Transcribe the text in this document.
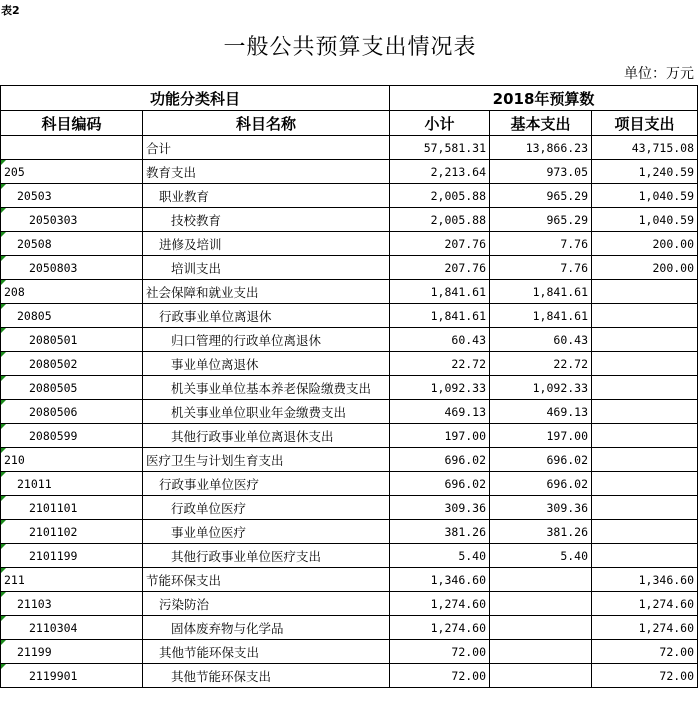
表2
一般公共预算支出情况表
单位：万元
功能分类科目		2018年预算数		
科目编码	科目名称	小计	基本支出	项目支出
	合计	57,581.31	13,866.23	43,715.08
205	教育支出	2,213.64	973.05	1,240.59
20503	职业教育	2,005.88	965.29	1,040.59
2050303	技校教育	2,005.88	965.29	1,040.59
20508	进修及培训	207.76	7.76	200.00
2050803	培训支出	207.76	7.76	200.00
208	社会保障和就业支出	1,841.61	1,841.61	
20805	行政事业单位离退休	1,841.61	1,841.61	
2080501	归口管理的行政单位离退休	60.43	60.43	
2080502	事业单位离退休	22.72	22.72	
2080505	机关事业单位基本养老保险缴费支出	1,092.33	1,092.33	
2080506	机关事业单位职业年金缴费支出	469.13	469.13	
2080599	其他行政事业单位离退休支出	197.00	197.00	
210	医疗卫生与计划生育支出	696.02	696.02	
21011	行政事业单位医疗	696.02	696.02	
2101101	行政单位医疗	309.36	309.36	
2101102	事业单位医疗	381.26	381.26	
2101199	其他行政事业单位医疗支出	5.40	5.40	
211	节能环保支出	1,346.60		1,346.60
21103	污染防治	1,274.60		1,274.60
2110304	固体废弃物与化学品	1,274.60		1,274.60
21199	其他节能环保支出	72.00		72.00
2119901	其他节能环保支出	72.00		72.00
